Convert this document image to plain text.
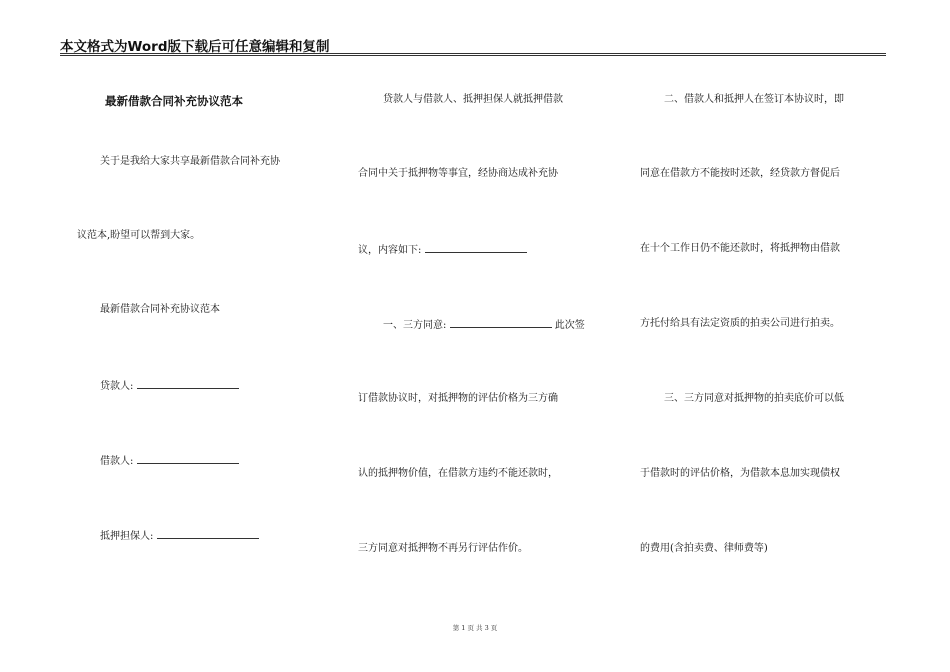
本文格式为Word版下载后可任意编辑和复制
最新借款合同补充协议范本
关于是我给大家共享最新借款合同补充协
议范本,盼望可以帮到大家。
最新借款合同补充协议范本
贷款人:
借款人:
抵押担保人:
贷款人与借款人、抵押担保人就抵押借款
合同中关于抵押物等事宜，经协商达成补充协
议，内容如下:
一、三方同意:	此次签
订借款协议时，对抵押物的评估价格为三方确
认的抵押物价值，在借款方违约不能还款时，
三方同意对抵押物不再另行评估作价。
二、借款人和抵押人在签订本协议时，即
同意在借款方不能按时还款，经贷款方督促后
在十个工作日仍不能还款时，将抵押物由借款
方托付给具有法定资质的拍卖公司进行拍卖。
三、三方同意对抵押物的拍卖底价可以低
于借款时的评估价格，为借款本息加实现债权
的费用(含拍卖费、律师费等)
第 1 页 共 3 页
